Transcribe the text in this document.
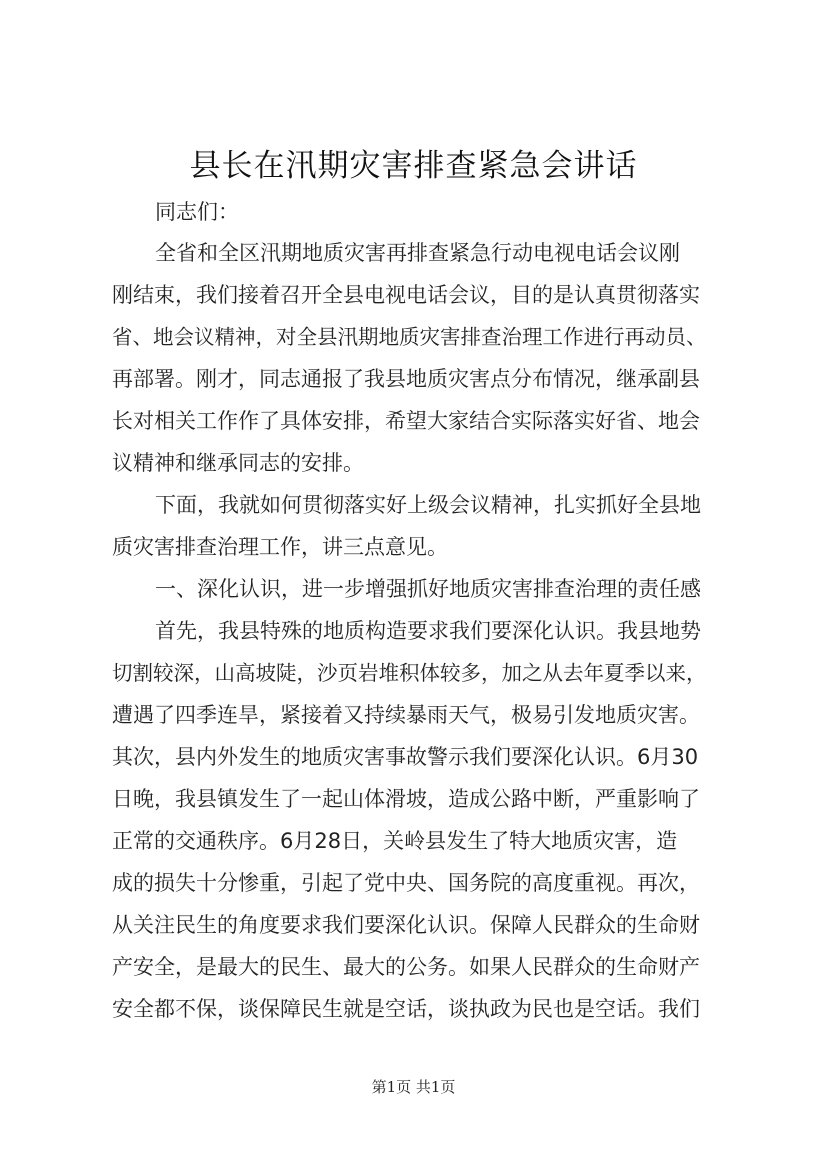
县长在汛期灾害排查紧急会讲话
同志们：
全省和全区汛期地质灾害再排查紧急行动电视电话会议刚
刚结束，我们接着召开全县电视电话会议，目的是认真贯彻落实
省、地会议精神，对全县汛期地质灾害排查治理工作进行再动员、
再部署。刚才，同志通报了我县地质灾害点分布情况，继承副县
长对相关工作作了具体安排，希望大家结合实际落实好省、地会
议精神和继承同志的安排。
下面，我就如何贯彻落实好上级会议精神，扎实抓好全县地
质灾害排查治理工作，讲三点意见。
一、深化认识，进一步增强抓好地质灾害排查治理的责任感
首先，我县特殊的地质构造要求我们要深化认识。我县地势
切割较深，山高坡陡，沙页岩堆积体较多，加之从去年夏季以来，
遭遇了四季连旱，紧接着又持续暴雨天气，极易引发地质灾害。
其次，县内外发生的地质灾害事故警示我们要深化认识。6月30
日晚，我县镇发生了一起山体滑坡，造成公路中断，严重影响了
正常的交通秩序。6月28日，关岭县发生了特大地质灾害，造
成的损失十分惨重，引起了党中央、国务院的高度重视。再次，
从关注民生的角度要求我们要深化认识。保障人民群众的生命财
产安全，是最大的民生、最大的公务。如果人民群众的生命财产
安全都不保，谈保障民生就是空话，谈执政为民也是空话。我们
第1页 共1页
